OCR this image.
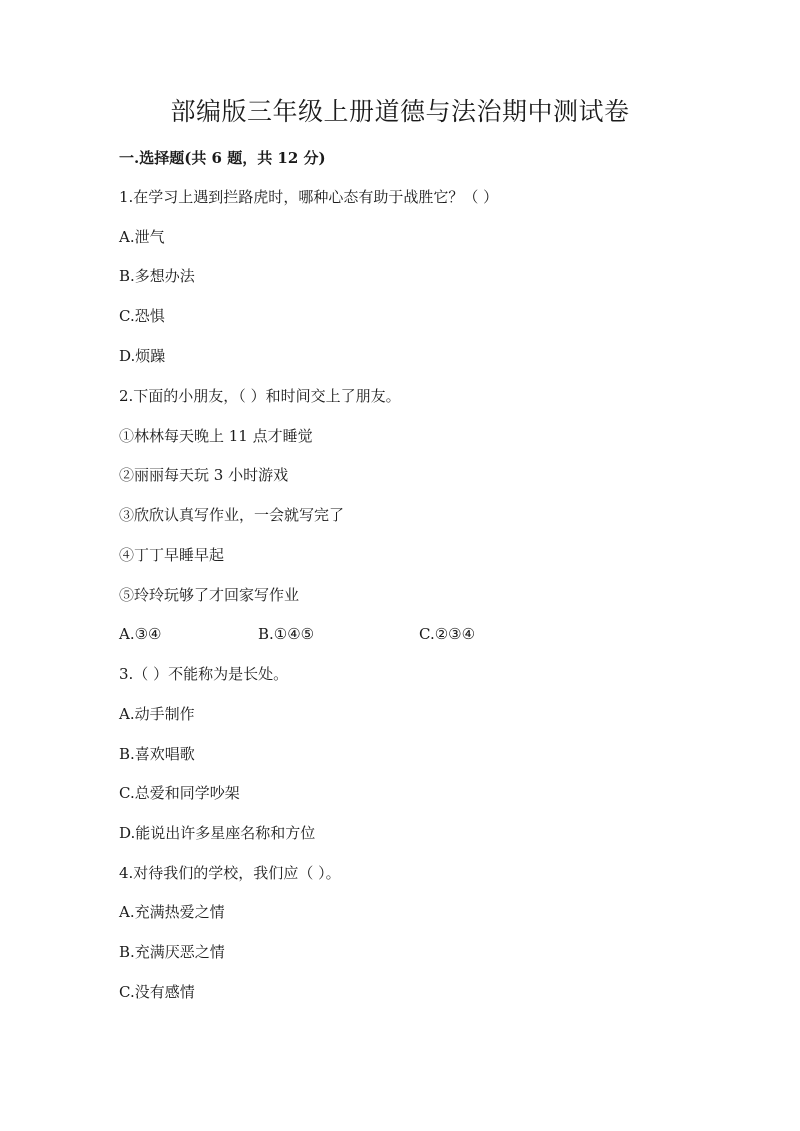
部编版三年级上册道德与法治期中测试卷
一.选择题(共 6 题，共 12 分)
1.在学习上遇到拦路虎时，哪种心态有助于战胜它？（ ）
A.泄气
B.多想办法
C.恐惧
D.烦躁
2.下面的小朋友，（ ）和时间交上了朋友。
①林林每天晚上 11 点才睡觉
②丽丽每天玩 3 小时游戏
③欣欣认真写作业，一会就写完了
④丁丁早睡早起
⑤玲玲玩够了才回家写作业
A.③④	B.①④⑤	C.②③④
3.（ ）不能称为是长处。
A.动手制作
B.喜欢唱歌
C.总爱和同学吵架
D.能说出许多星座名称和方位
4.对待我们的学校，我们应（ ）。
A.充满热爱之情
B.充满厌恶之情
C.没有感情
